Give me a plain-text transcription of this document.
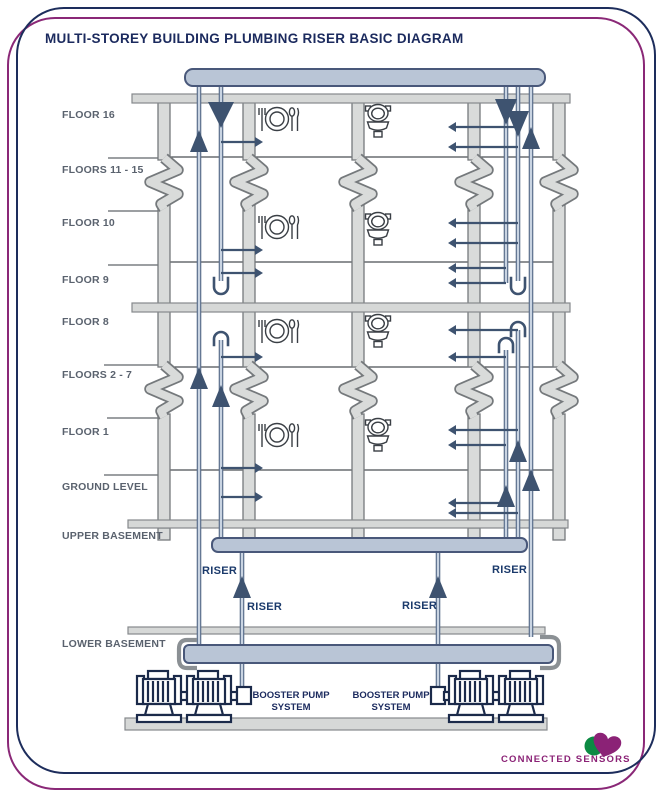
MULTI-STOREY BUILDING PLUMBING RISER BASIC DIAGRAM
FLOOR 16
FLOORS 11 - 15
FLOOR 10
FLOOR 9
FLOOR 8
FLOORS 2 - 7
FLOOR 1
GROUND LEVEL
UPPER BASEMENT
LOWER BASEMENT
RISER
RISER	RISER
RISER
BOOSTER PUMP SYSTEM
BOOSTER PUMP SYSTEM
CONNECTED SENSORS
